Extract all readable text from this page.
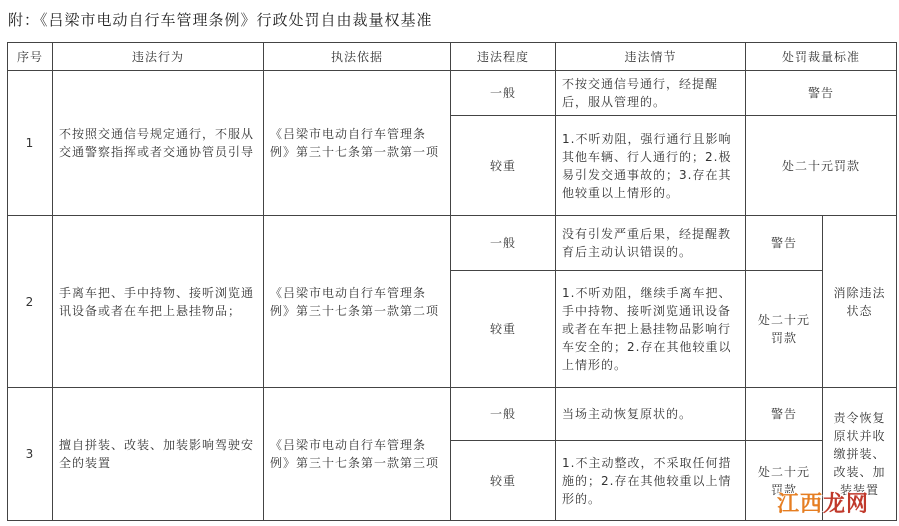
附：《吕梁市电动自行车管理条例》行政处罚自由裁量权基准
序号	违法行为	执法依据	违法程度	违法情节	处罚裁量标准	
1	不按照交通信号规定通行，不服从交通警察指挥或者交通协管员引导	《吕梁市电动自行车管理条例》第三十七条第一款第一项	一般	不按交通信号通行，经提醒后，服从管理的。	警告	
			较重	1.不听劝阻，强行通行且影响其他车辆、行人通行的；2.极易引发交通事故的；3.存在其他较重以上情形的。	处二十元罚款	
2	手离车把、手中持物、接听浏览通讯设备或者在车把上悬挂物品；	《吕梁市电动自行车管理条例》第三十七条第一款第二项	一般	没有引发严重后果，经提醒教育后主动认识错误的。	警告	消除违法状态
			较重	1.不听劝阻，继续手离车把、手中持物、接听浏览通讯设备或者在车把上悬挂物品影响行车安全的；2.存在其他较重以上情形的。	处二十元罚款	
3	擅自拼装、改装、加装影响驾驶安全的装置	《吕梁市电动自行车管理条例》第三十七条第一款第三项	一般	当场主动恢复原状的。	警告	责令恢复原状并收缴拼装、改装、加装装置
			较重	1.不主动整改，不采取任何措施的；2.存在其他较重以上情形的。	处二十元罚款	
江西龙网
